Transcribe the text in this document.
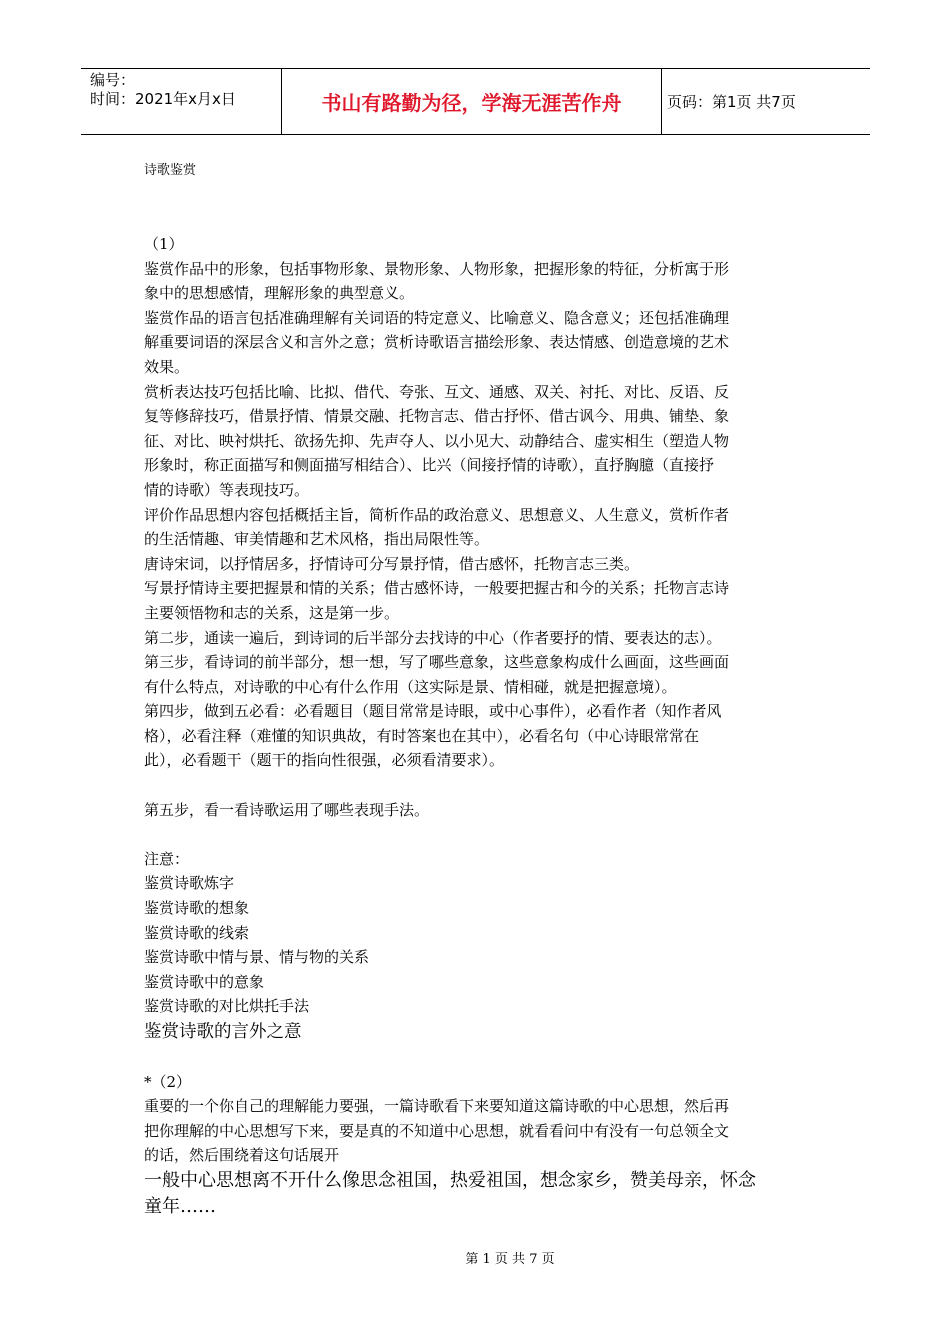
编号：
时间：2021年x月x日	书山有路勤为径，学海无涯苦作舟	页码：第1页 共7页

诗歌鉴赏

（1）
鉴赏作品中的形象，包括事物形象、景物形象、人物形象，把握形象的特征，分析寓于形
象中的思想感情，理解形象的典型意义。
鉴赏作品的语言包括准确理解有关词语的特定意义、比喻意义、隐含意义；还包括准确理
解重要词语的深层含义和言外之意；赏析诗歌语言描绘形象、表达情感、创造意境的艺术
效果。
赏析表达技巧包括比喻、比拟、借代、夸张、互文、通感、双关、衬托、对比、反语、反
复等修辞技巧，借景抒情、情景交融、托物言志、借古抒怀、借古讽今、用典、铺垫、象
征、对比、映衬烘托、欲扬先抑、先声夺人、以小见大、动静结合、虚实相生（塑造人物
形象时，称正面描写和侧面描写相结合）、比兴（间接抒情的诗歌），直抒胸臆（直接抒
情的诗歌）等表现技巧。
评价作品思想内容包括概括主旨，简析作品的政治意义、思想意义、人生意义，赏析作者
的生活情趣、审美情趣和艺术风格，指出局限性等。
唐诗宋词，以抒情居多，抒情诗可分写景抒情，借古感怀，托物言志三类。
写景抒情诗主要把握景和情的关系；借古感怀诗，一般要把握古和今的关系；托物言志诗
主要领悟物和志的关系，这是第一步。
第二步，通读一遍后，到诗词的后半部分去找诗的中心（作者要抒的情、要表达的志）。
第三步，看诗词的前半部分，想一想，写了哪些意象，这些意象构成什么画面，这些画面
有什么特点，对诗歌的中心有什么作用（这实际是景、情相碰，就是把握意境）。
第四步，做到五必看：必看题目（题目常常是诗眼，或中心事件），必看作者（知作者风
格），必看注释（难懂的知识典故，有时答案也在其中），必看名句（中心诗眼常常在
此），必看题干（题干的指向性很强，必须看清要求）。
第五步，看一看诗歌运用了哪些表现手法。
注意：
鉴赏诗歌炼字
鉴赏诗歌的想象
鉴赏诗歌的线索
鉴赏诗歌中情与景、情与物的关系
鉴赏诗歌中的意象
鉴赏诗歌的对比烘托手法
鉴赏诗歌的言外之意
*（2）
重要的一个你自己的理解能力要强，一篇诗歌看下来要知道这篇诗歌的中心思想，然后再
把你理解的中心思想写下来，要是真的不知道中心思想，就看看问中有没有一句总领全文
的话，然后围绕着这句话展开
一般中心思想离不开什么像思念祖国，热爱祖国，想念家乡，赞美母亲，怀念
童年……
第 1 页 共 7 页
